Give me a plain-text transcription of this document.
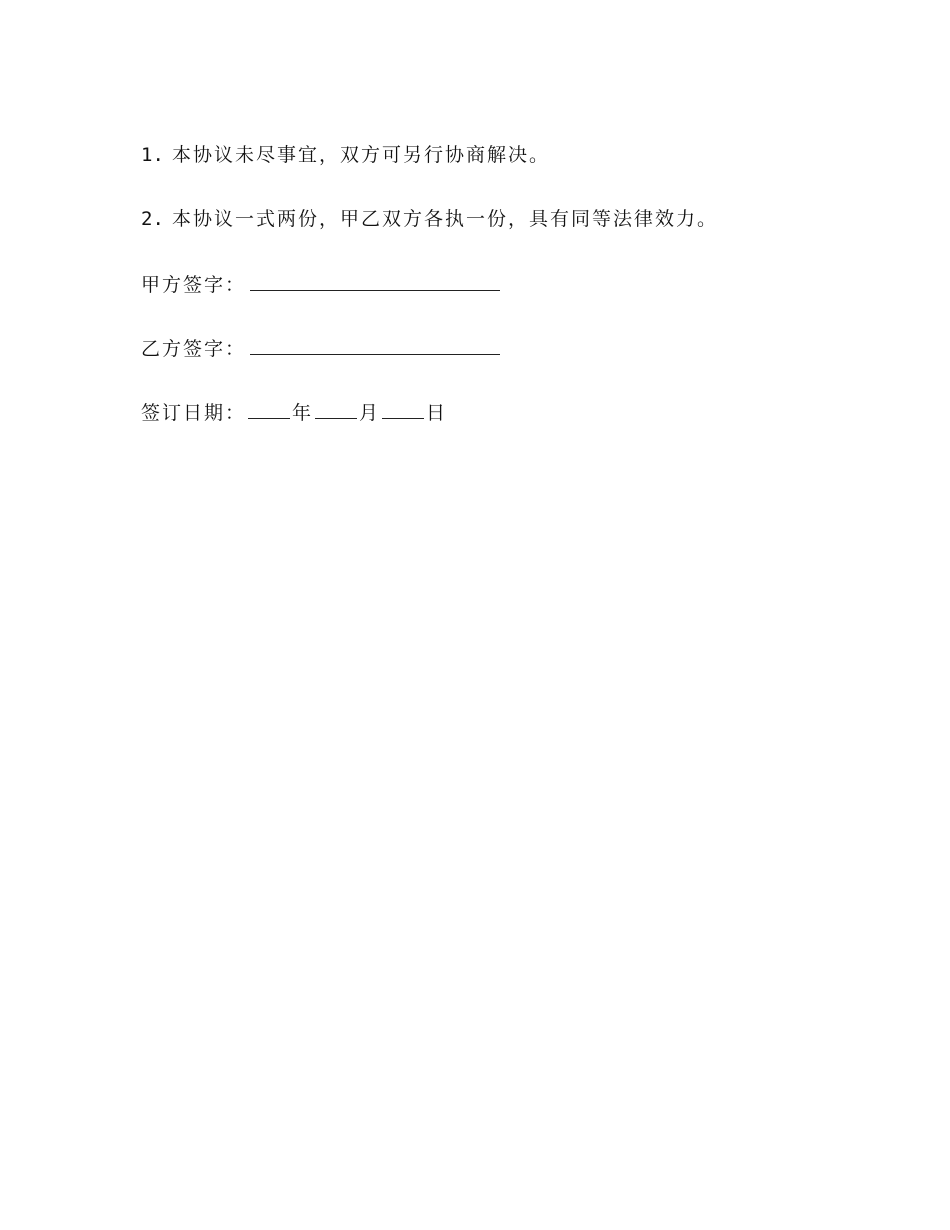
1. 本协议未尽事宜，双方可另行协商解决。
2. 本协议一式两份，甲乙双方各执一份，具有同等法律效力。
甲方签字：
乙方签字：
签订日期： 年 月 日
